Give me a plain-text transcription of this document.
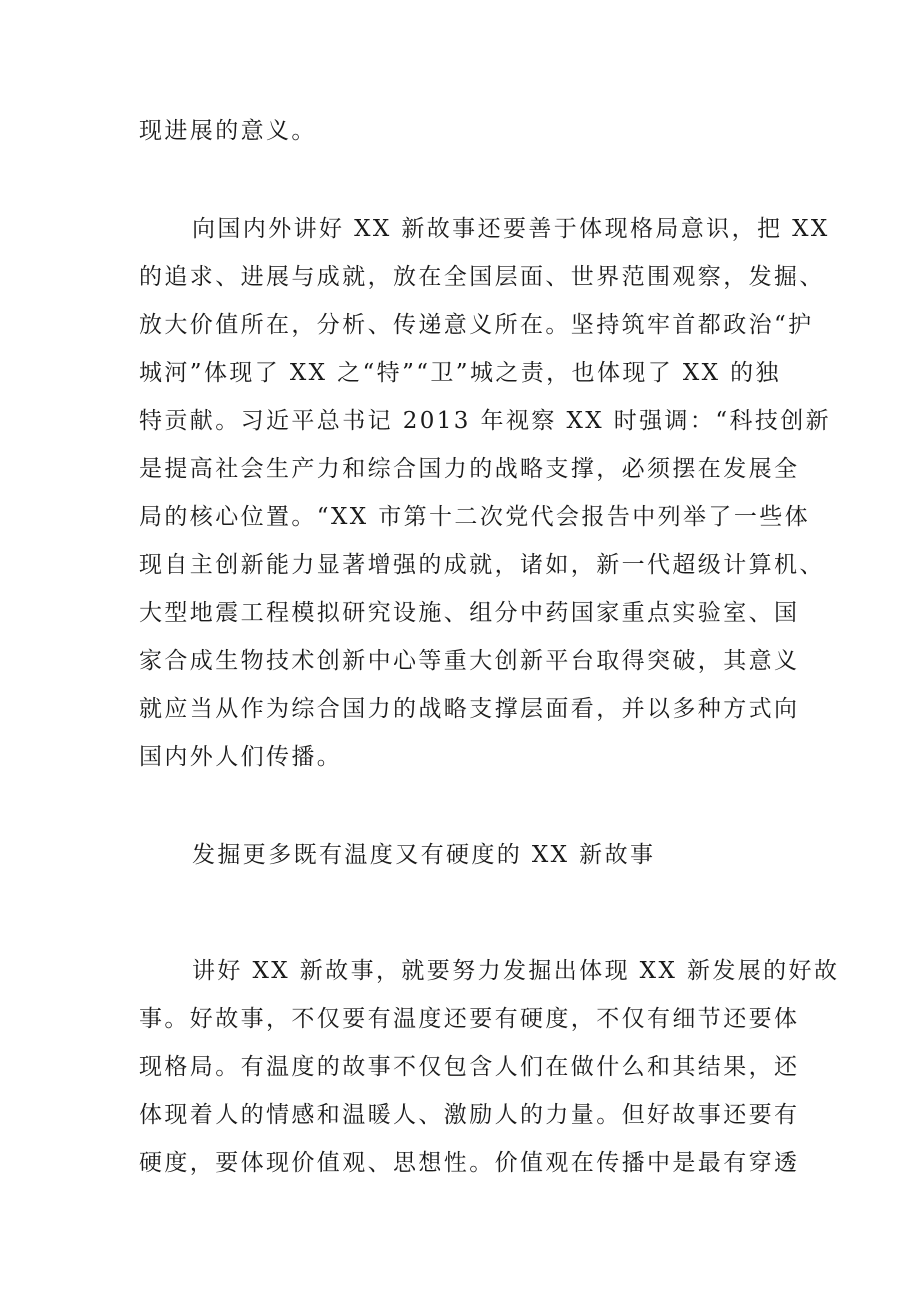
现进展的意义。
向国内外讲好 XX 新故事还要善于体现格局意识，把 XX
的追求、进展与成就，放在全国层面、世界范围观察，发掘、
放大价值所在，分析、传递意义所在。坚持筑牢首都政治“护
城河”体现了 XX 之“特”“卫”城之责，也体现了 XX 的独
特贡献。习近平总书记 2013 年视察 XX 时强调：“科技创新
是提高社会生产力和综合国力的战略支撑，必须摆在发展全
局的核心位置。“XX 市第十二次党代会报告中列举了一些体
现自主创新能力显著增强的成就，诸如，新一代超级计算机、
大型地震工程模拟研究设施、组分中药国家重点实验室、国
家合成生物技术创新中心等重大创新平台取得突破，其意义
就应当从作为综合国力的战略支撑层面看，并以多种方式向
国内外人们传播。
发掘更多既有温度又有硬度的 XX 新故事
讲好 XX 新故事，就要努力发掘出体现 XX 新发展的好故
事。好故事，不仅要有温度还要有硬度，不仅有细节还要体
现格局。有温度的故事不仅包含人们在做什么和其结果，还
体现着人的情感和温暖人、激励人的力量。但好故事还要有
硬度，要体现价值观、思想性。价值观在传播中是最有穿透
